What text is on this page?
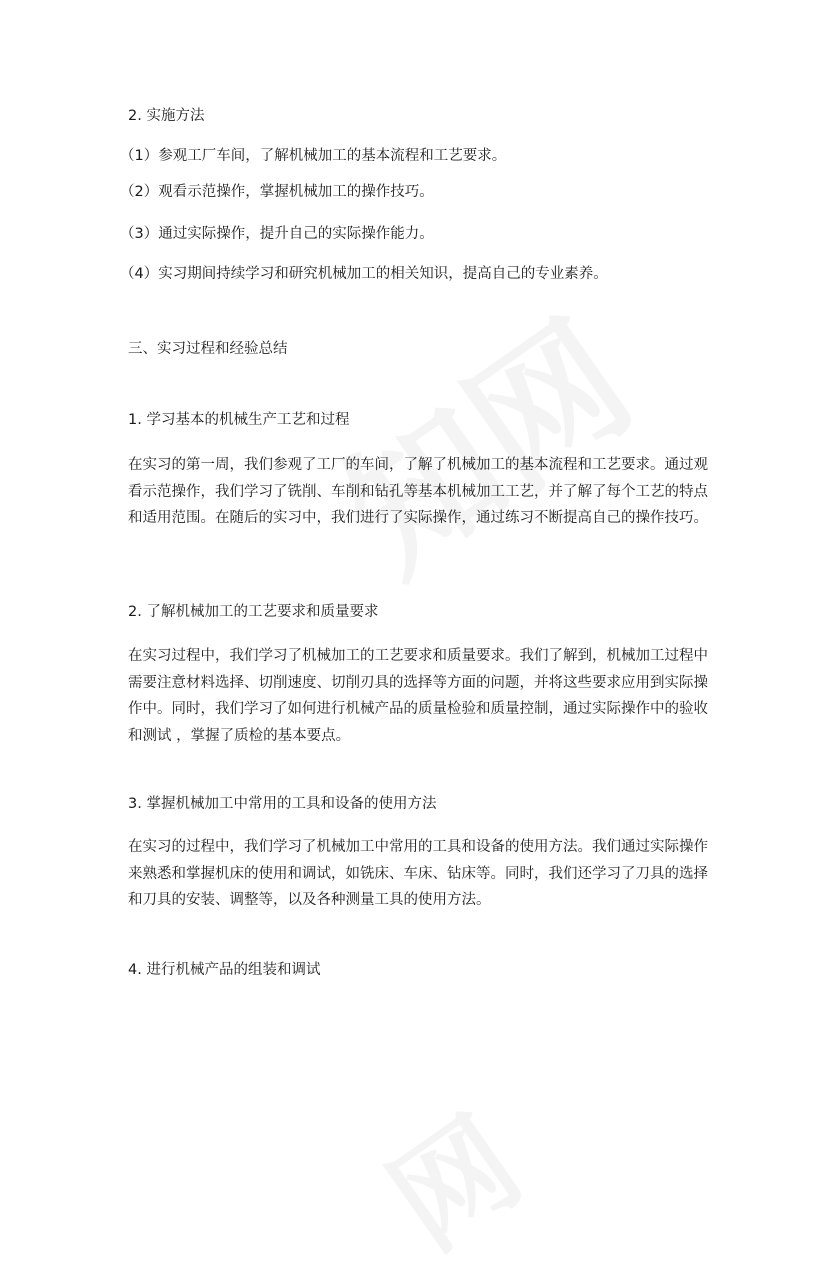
2. 实施方法
（1）参观工厂车间，了解机械加工的基本流程和工艺要求。
（2）观看示范操作，掌握机械加工的操作技巧。
（3）通过实际操作，提升自己的实际操作能力。
（4）实习期间持续学习和研究机械加工的相关知识，提高自己的专业素养。
三、实习过程和经验总结
1. 学习基本的机械生产工艺和过程
在实习的第一周，我们参观了工厂的车间，了解了机械加工的基本流程和工艺要求。通过观看示范操作，我们学习了铣削、车削和钻孔等基本机械加工工艺，并了解了每个工艺的特点和适用范围。在随后的实习中，我们进行了实际操作，通过练习不断提高自己的操作技巧。
2. 了解机械加工的工艺要求和质量要求
在实习过程中，我们学习了机械加工的工艺要求和质量要求。我们了解到，机械加工过程中需要注意材料选择、切削速度、切削刃具的选择等方面的问题，并将这些要求应用到实际操作中。同时，我们学习了如何进行机械产品的质量检验和质量控制，通过实际操作中的验收和测试 ，掌握了质检的基本要点。
3. 掌握机械加工中常用的工具和设备的使用方法
在实习的过程中，我们学习了机械加工中常用的工具和设备的使用方法。我们通过实际操作来熟悉和掌握机床的使用和调试，如铣床、车床、钻床等。同时，我们还学习了刀具的选择和刀具的安装、调整等，以及各种测量工具的使用方法。
4. 进行机械产品的组装和调试
